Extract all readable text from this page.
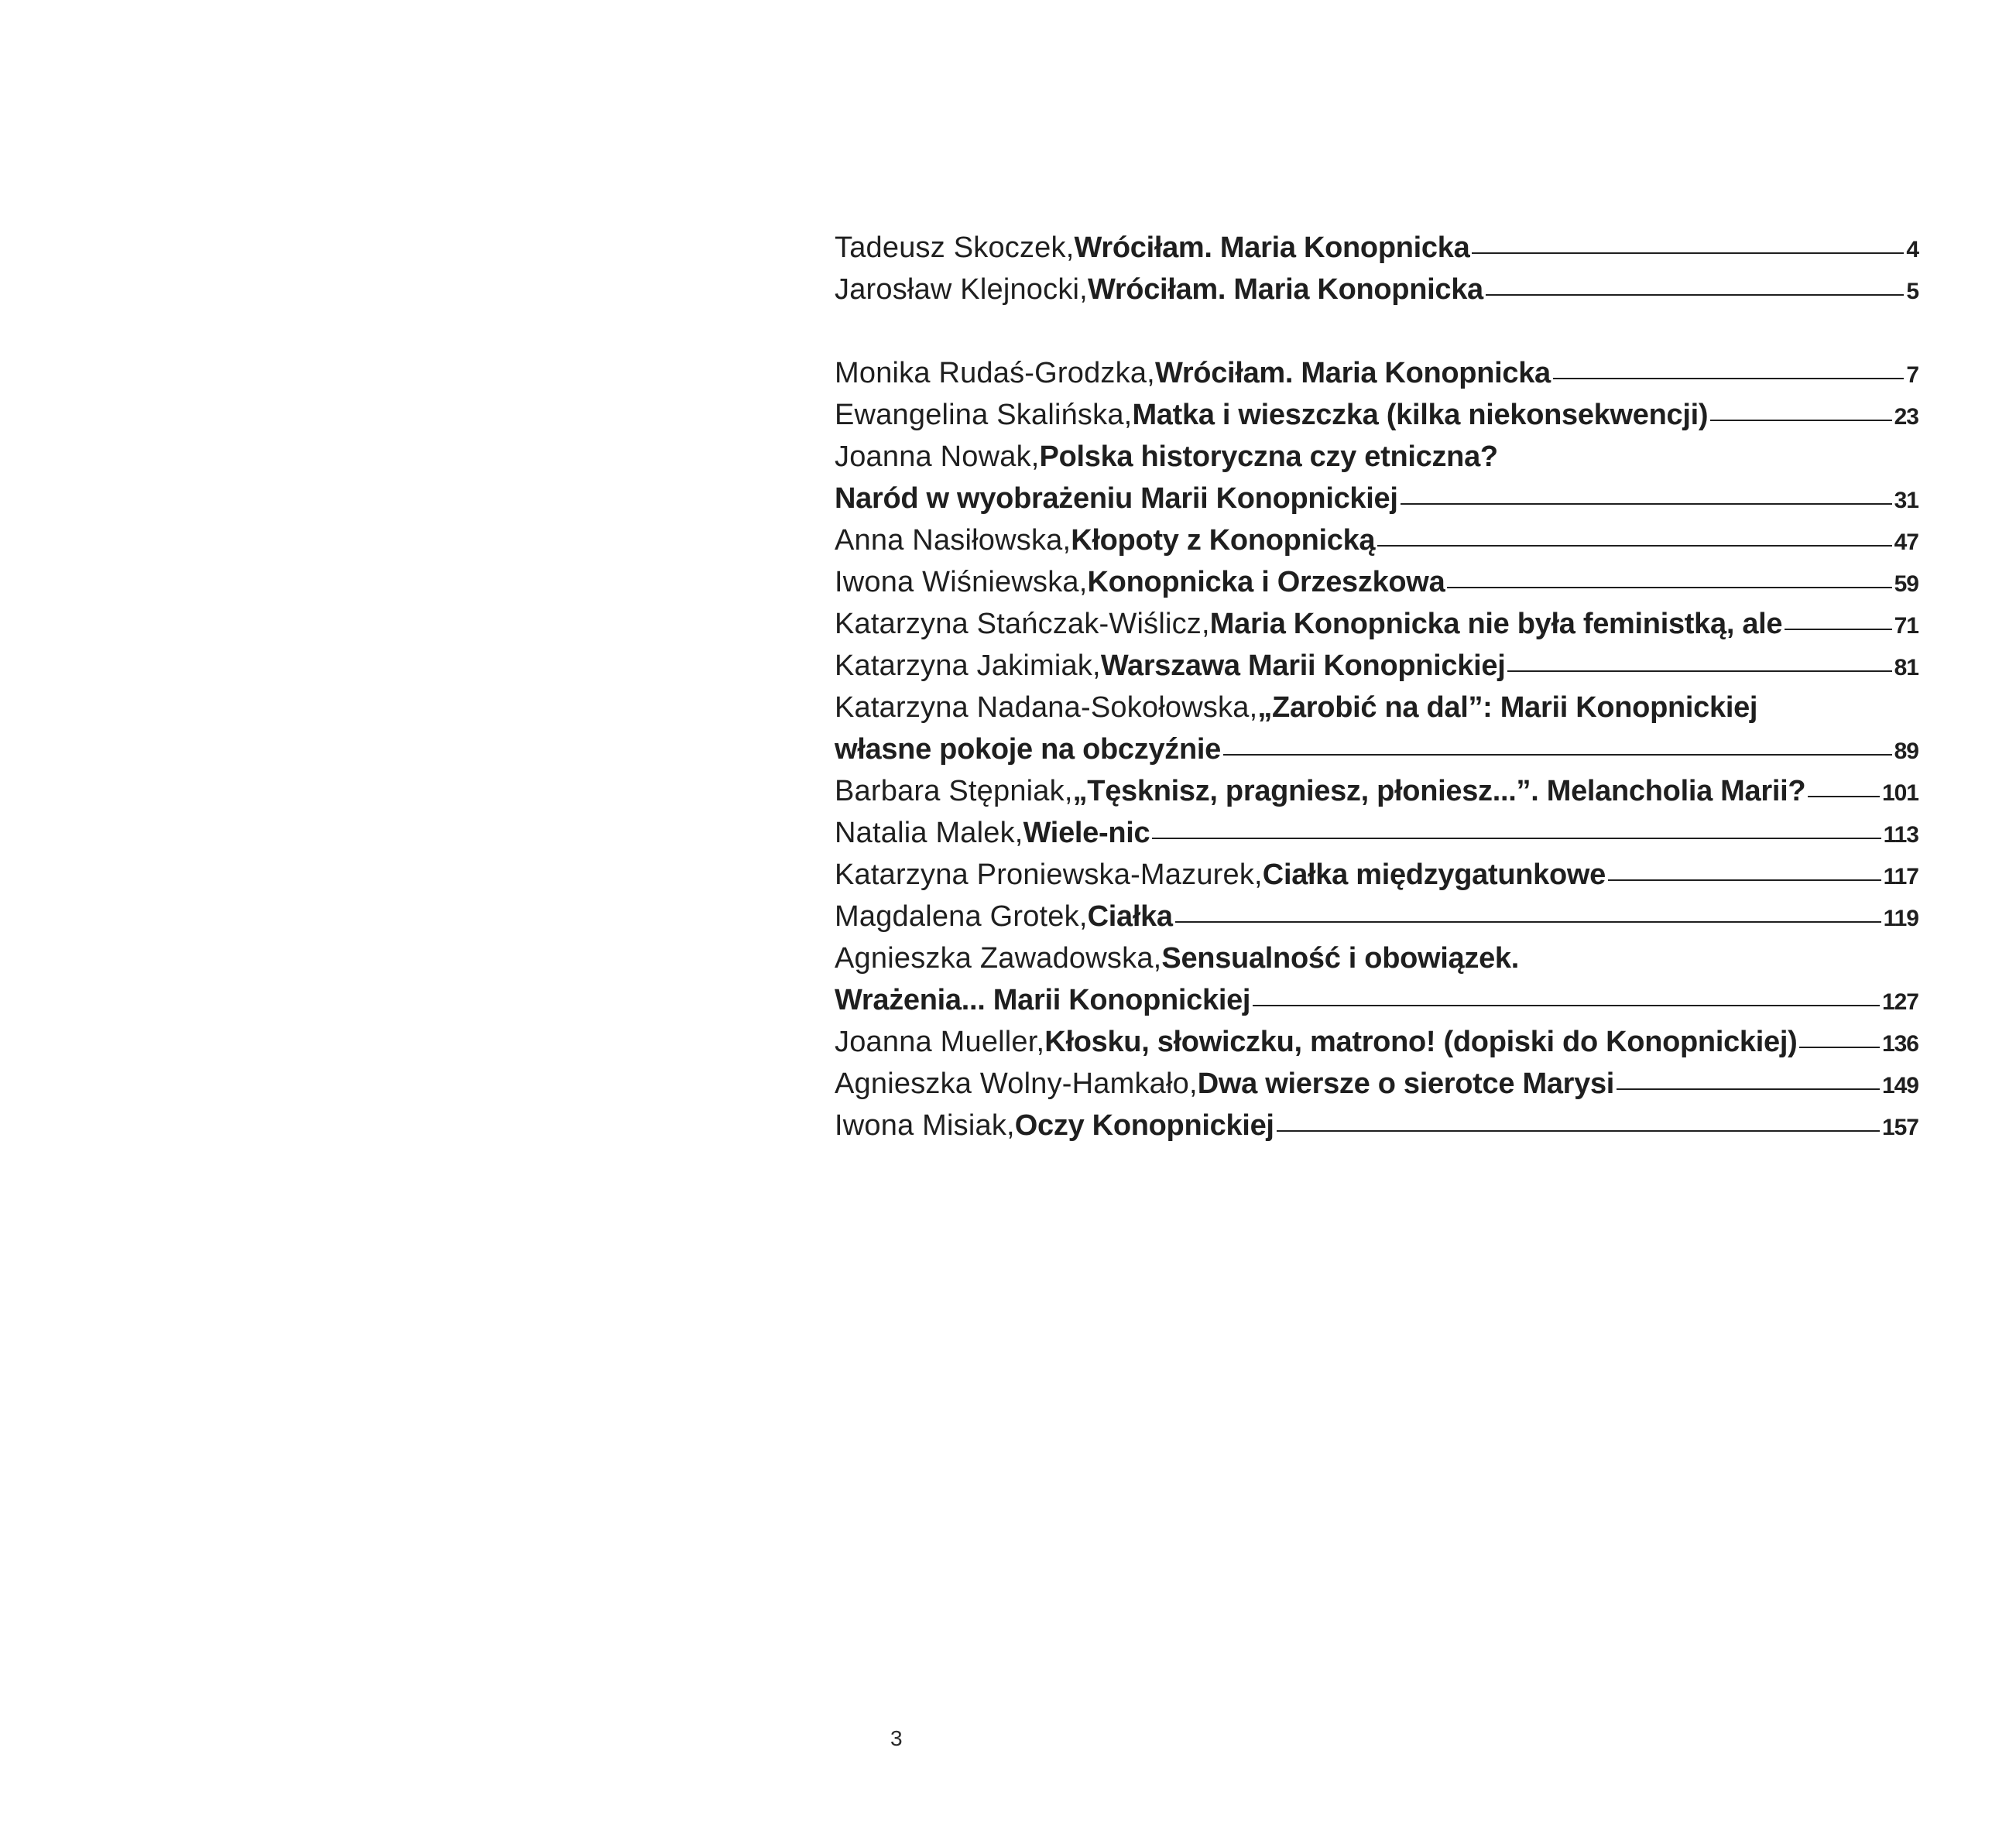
Tadeusz Skoczek, Wróciłam. Maria Konopnicka	4
Jarosław Klejnocki, Wróciłam. Maria Konopnicka	5
Monika Rudaś-Grodzka, Wróciłam. Maria Konopnicka	7
Ewangelina Skalińska, Matka i wieszczka (kilka niekonsekwencji)	23
Joanna Nowak, Polska historyczna czy etniczna?
Naród w wyobrażeniu Marii Konopnickiej	31
Anna Nasiłowska, Kłopoty z Konopnicką	47
Iwona Wiśniewska, Konopnicka i Orzeszkowa	59
Katarzyna Stańczak-Wiślicz, Maria Konopnicka nie była feministką, ale	71
Katarzyna Jakimiak, Warszawa Marii Konopnickiej	81
Katarzyna Nadana-Sokołowska, „Zarobić na dal”: Marii Konopnickiej
własne pokoje na obczyźnie	89
Barbara Stępniak, „Tęsknisz, pragniesz, płoniesz...”. Melancholia Marii?	101
Natalia Malek, Wiele-nic	113
Katarzyna Proniewska-Mazurek, Ciałka międzygatunkowe	117
Magdalena Grotek, Ciałka	119
Agnieszka Zawadowska, Sensualność i obowiązek.
Wrażenia... Marii Konopnickiej	127
Joanna Mueller, Kłosku, słowiczku, matrono! (dopiski do Konopnickiej)	136
Agnieszka Wolny-Hamkało, Dwa wiersze o sierotce Marysi	149
Iwona Misiak, Oczy Konopnickiej	157
3
